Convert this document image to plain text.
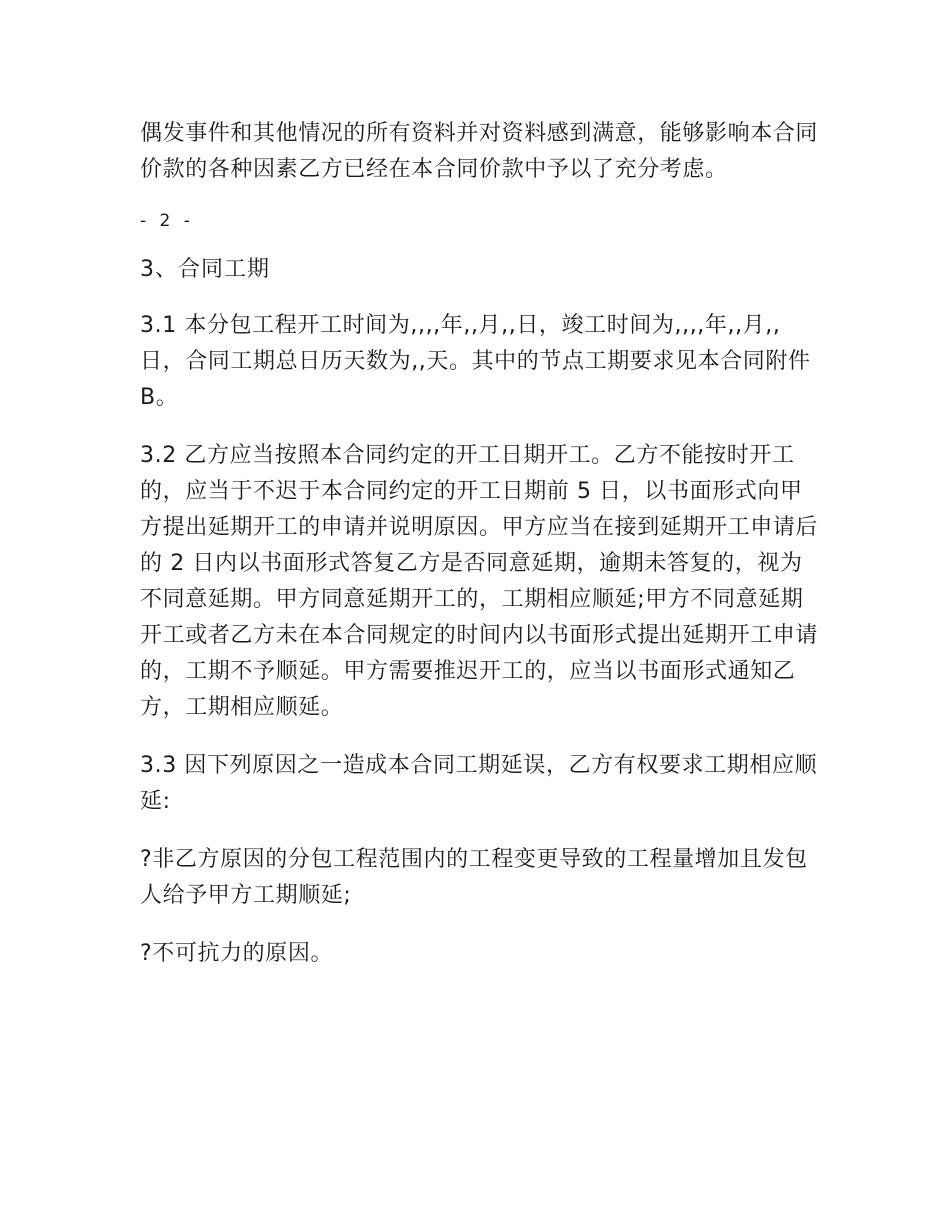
偶发事件和其他情况的所有资料并对资料感到满意，能够影响本合同价款的各种因素乙方已经在本合同价款中予以了充分考虑。

- 2 -
3、合同工期

3.1 本分包工程开工时间为,,,,年,,月,,日，竣工时间为,,,,年,,月,,日，合同工期总日历天数为,,天。其中的节点工期要求见本合同附件 B。

3.2 乙方应当按照本合同约定的开工日期开工。乙方不能按时开工的，应当于不迟于本合同约定的开工日期前 5 日，以书面形式向甲方提出延期开工的申请并说明原因。甲方应当在接到延期开工申请后的 2 日内以书面形式答复乙方是否同意延期，逾期未答复的，视为不同意延期。甲方同意延期开工的，工期相应顺延;甲方不同意延期开工或者乙方未在本合同规定的时间内以书面形式提出延期开工申请的，工期不予顺延。甲方需要推迟开工的，应当以书面形式通知乙方，工期相应顺延。

3.3 因下列原因之一造成本合同工期延误，乙方有权要求工期相应顺延:

?非乙方原因的分包工程范围内的工程变更导致的工程量增加且发包人给予甲方工期顺延;

?不可抗力的原因。
